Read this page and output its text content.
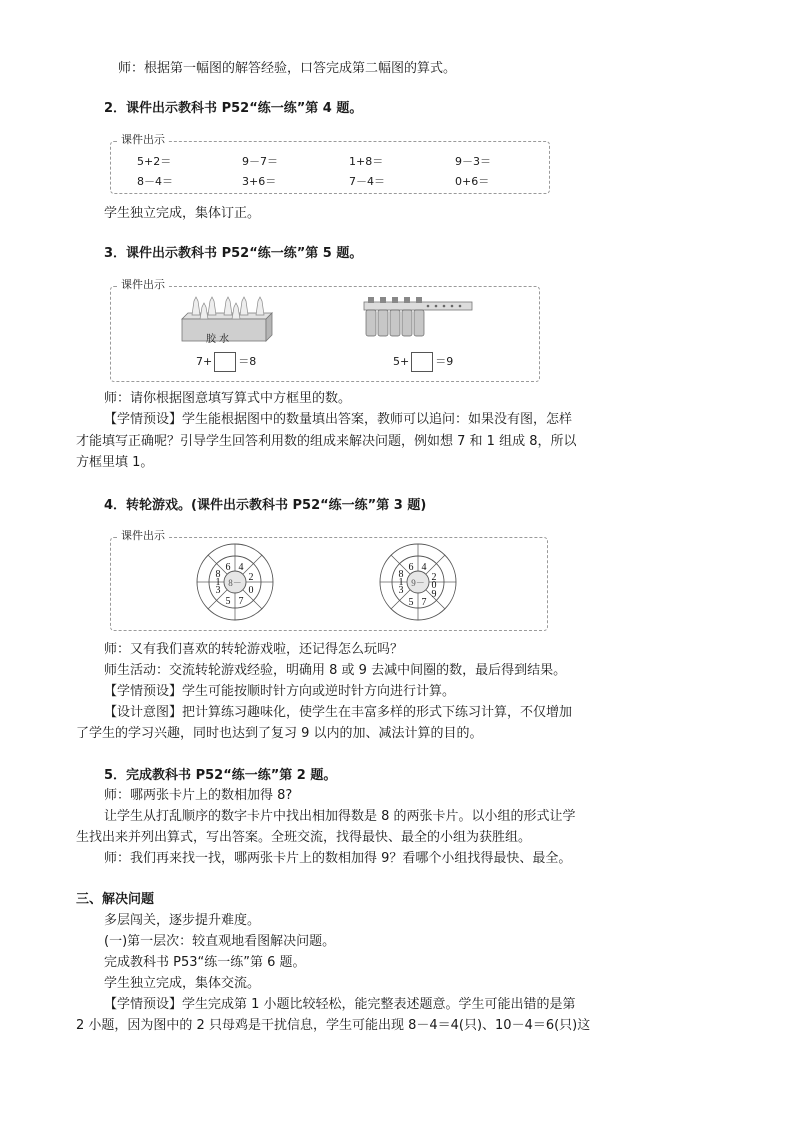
师：根据第一幅图的解答经验，口答完成第二幅图的算式。
2．课件出示教科书 P52“练一练”第 4 题。
课件出示
5+2＝	9－7＝	1+8＝	9－3＝
8－4＝	3+6＝	7－4＝	0+6＝
学生独立完成，集体订正。
3．课件出示教科书 P52“练一练”第 5 题。
课件出示
胶 水
7+ ＝8	5+ ＝9
师：请你根据图意填写算式中方框里的数。
【学情预设】学生能根据图中的数量填出答案，教师可以追问：如果没有图，怎样
才能填写正确呢？引导学生回答利用数的组成来解决问题，例如想 7 和 1 组成 8，所以
方框里填 1。
4．转轮游戏。(课件出示教科书 P52“练一练”第 3 题)
课件出示
6 4
2
0
7
5
3
1
8
8－
6 4
2
0
9
7
5
3
1
8
9－
师：又有我们喜欢的转轮游戏啦，还记得怎么玩吗？
师生活动：交流转轮游戏经验，明确用 8 或 9 去减中间圈的数，最后得到结果。
【学情预设】学生可能按顺时针方向或逆时针方向进行计算。
【设计意图】把计算练习趣味化，使学生在丰富多样的形式下练习计算，不仅增加
了学生的学习兴趣，同时也达到了复习 9 以内的加、减法计算的目的。
5．完成教科书 P52“练一练”第 2 题。
师：哪两张卡片上的数相加得 8?
让学生从打乱顺序的数字卡片中找出相加得数是 8 的两张卡片。以小组的形式让学
生找出来并列出算式，写出答案。全班交流，找得最快、最全的小组为获胜组。
师：我们再来找一找，哪两张卡片上的数相加得 9？看哪个小组找得最快、最全。
三、解决问题
多层闯关，逐步提升难度。
(一)第一层次：较直观地看图解决问题。
完成教科书 P53“练一练”第 6 题。
学生独立完成，集体交流。
【学情预设】学生完成第 1 小题比较轻松，能完整表述题意。学生可能出错的是第
2 小题，因为图中的 2 只母鸡是干扰信息，学生可能出现 8－4＝4(只)、10－4＝6(只)这
